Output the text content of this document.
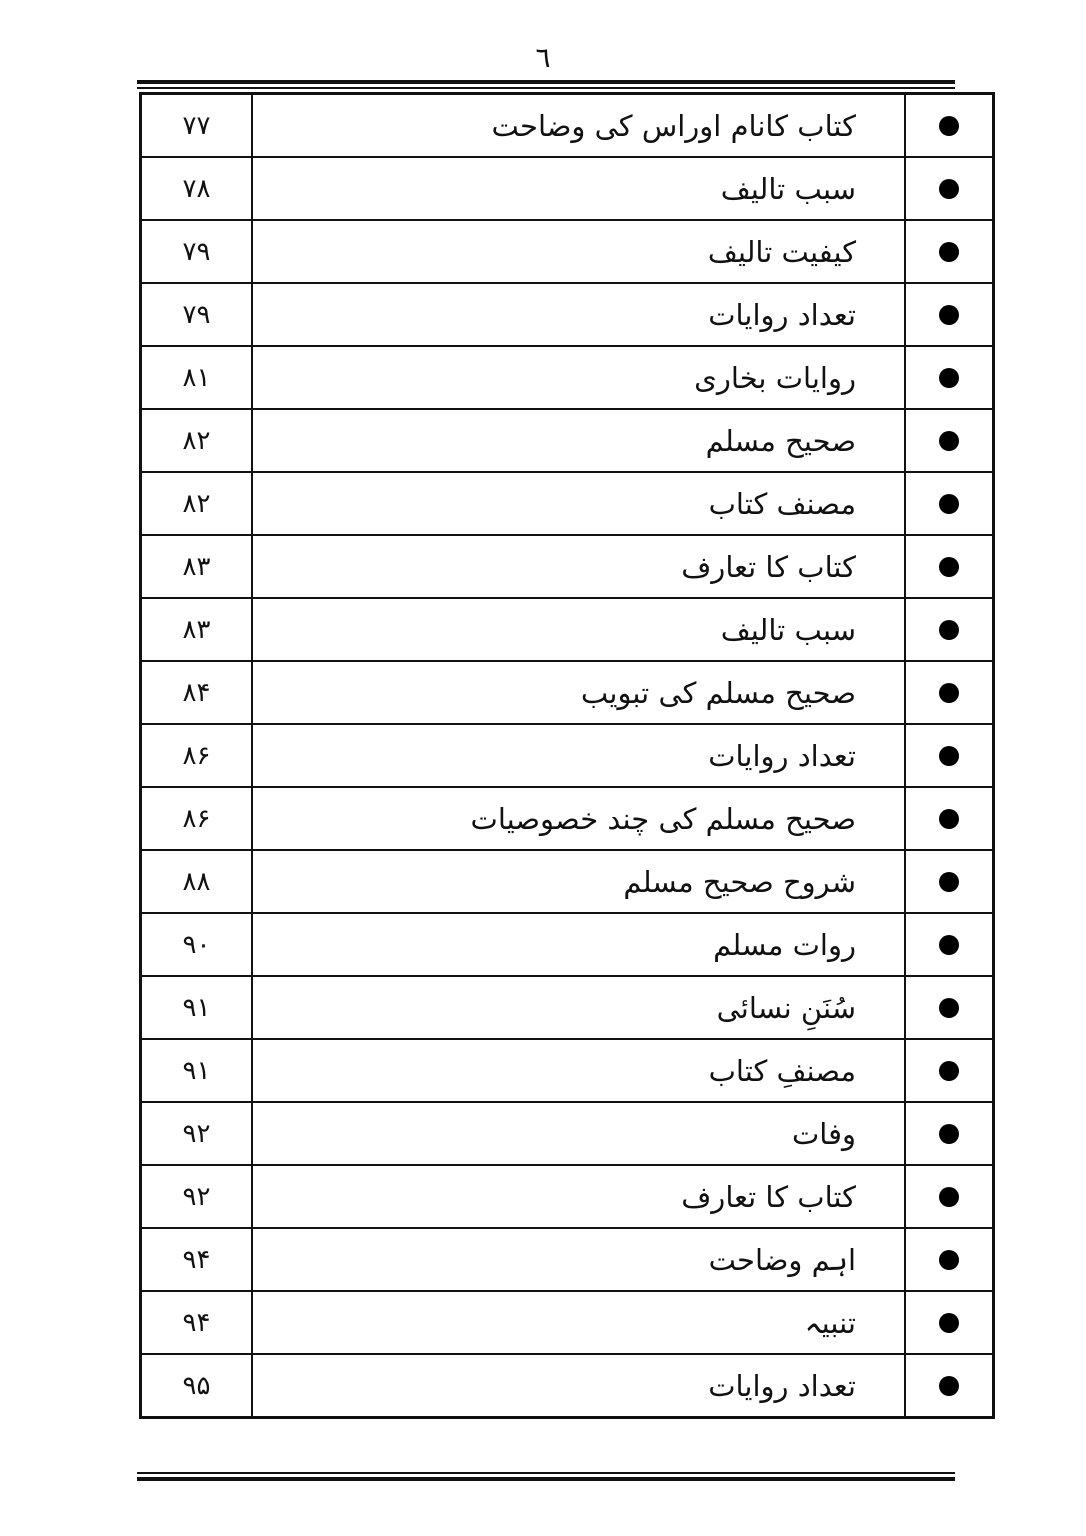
٦
۷۷	کتاب کانام اوراس کی وضاحت	
۷۸	سبب تالیف	
۷۹	کیفیت تالیف	
۷۹	تعداد روایات	
۸۱	روایات بخاری	
۸۲	صحیح مسلم	
۸۲	مصنف کتاب	
۸۳	کتاب کا تعارف	
۸۳	سبب تالیف	
۸۴	صحیح مسلم کی تبویب	
۸۶	تعداد روایات	
۸۶	صحیح مسلم کی چند خصوصیات	
۸۸	شروح صحیح مسلم	
۹۰	روات مسلم	
۹۱	سُنَنِ نسائی	
۹۱	مصنفِ کتاب	
۹۲	وفات	
۹۲	کتاب کا تعارف	
۹۴	اہم وضاحت	
۹۴	تنبیہ	
۹۵	تعداد روایات	
